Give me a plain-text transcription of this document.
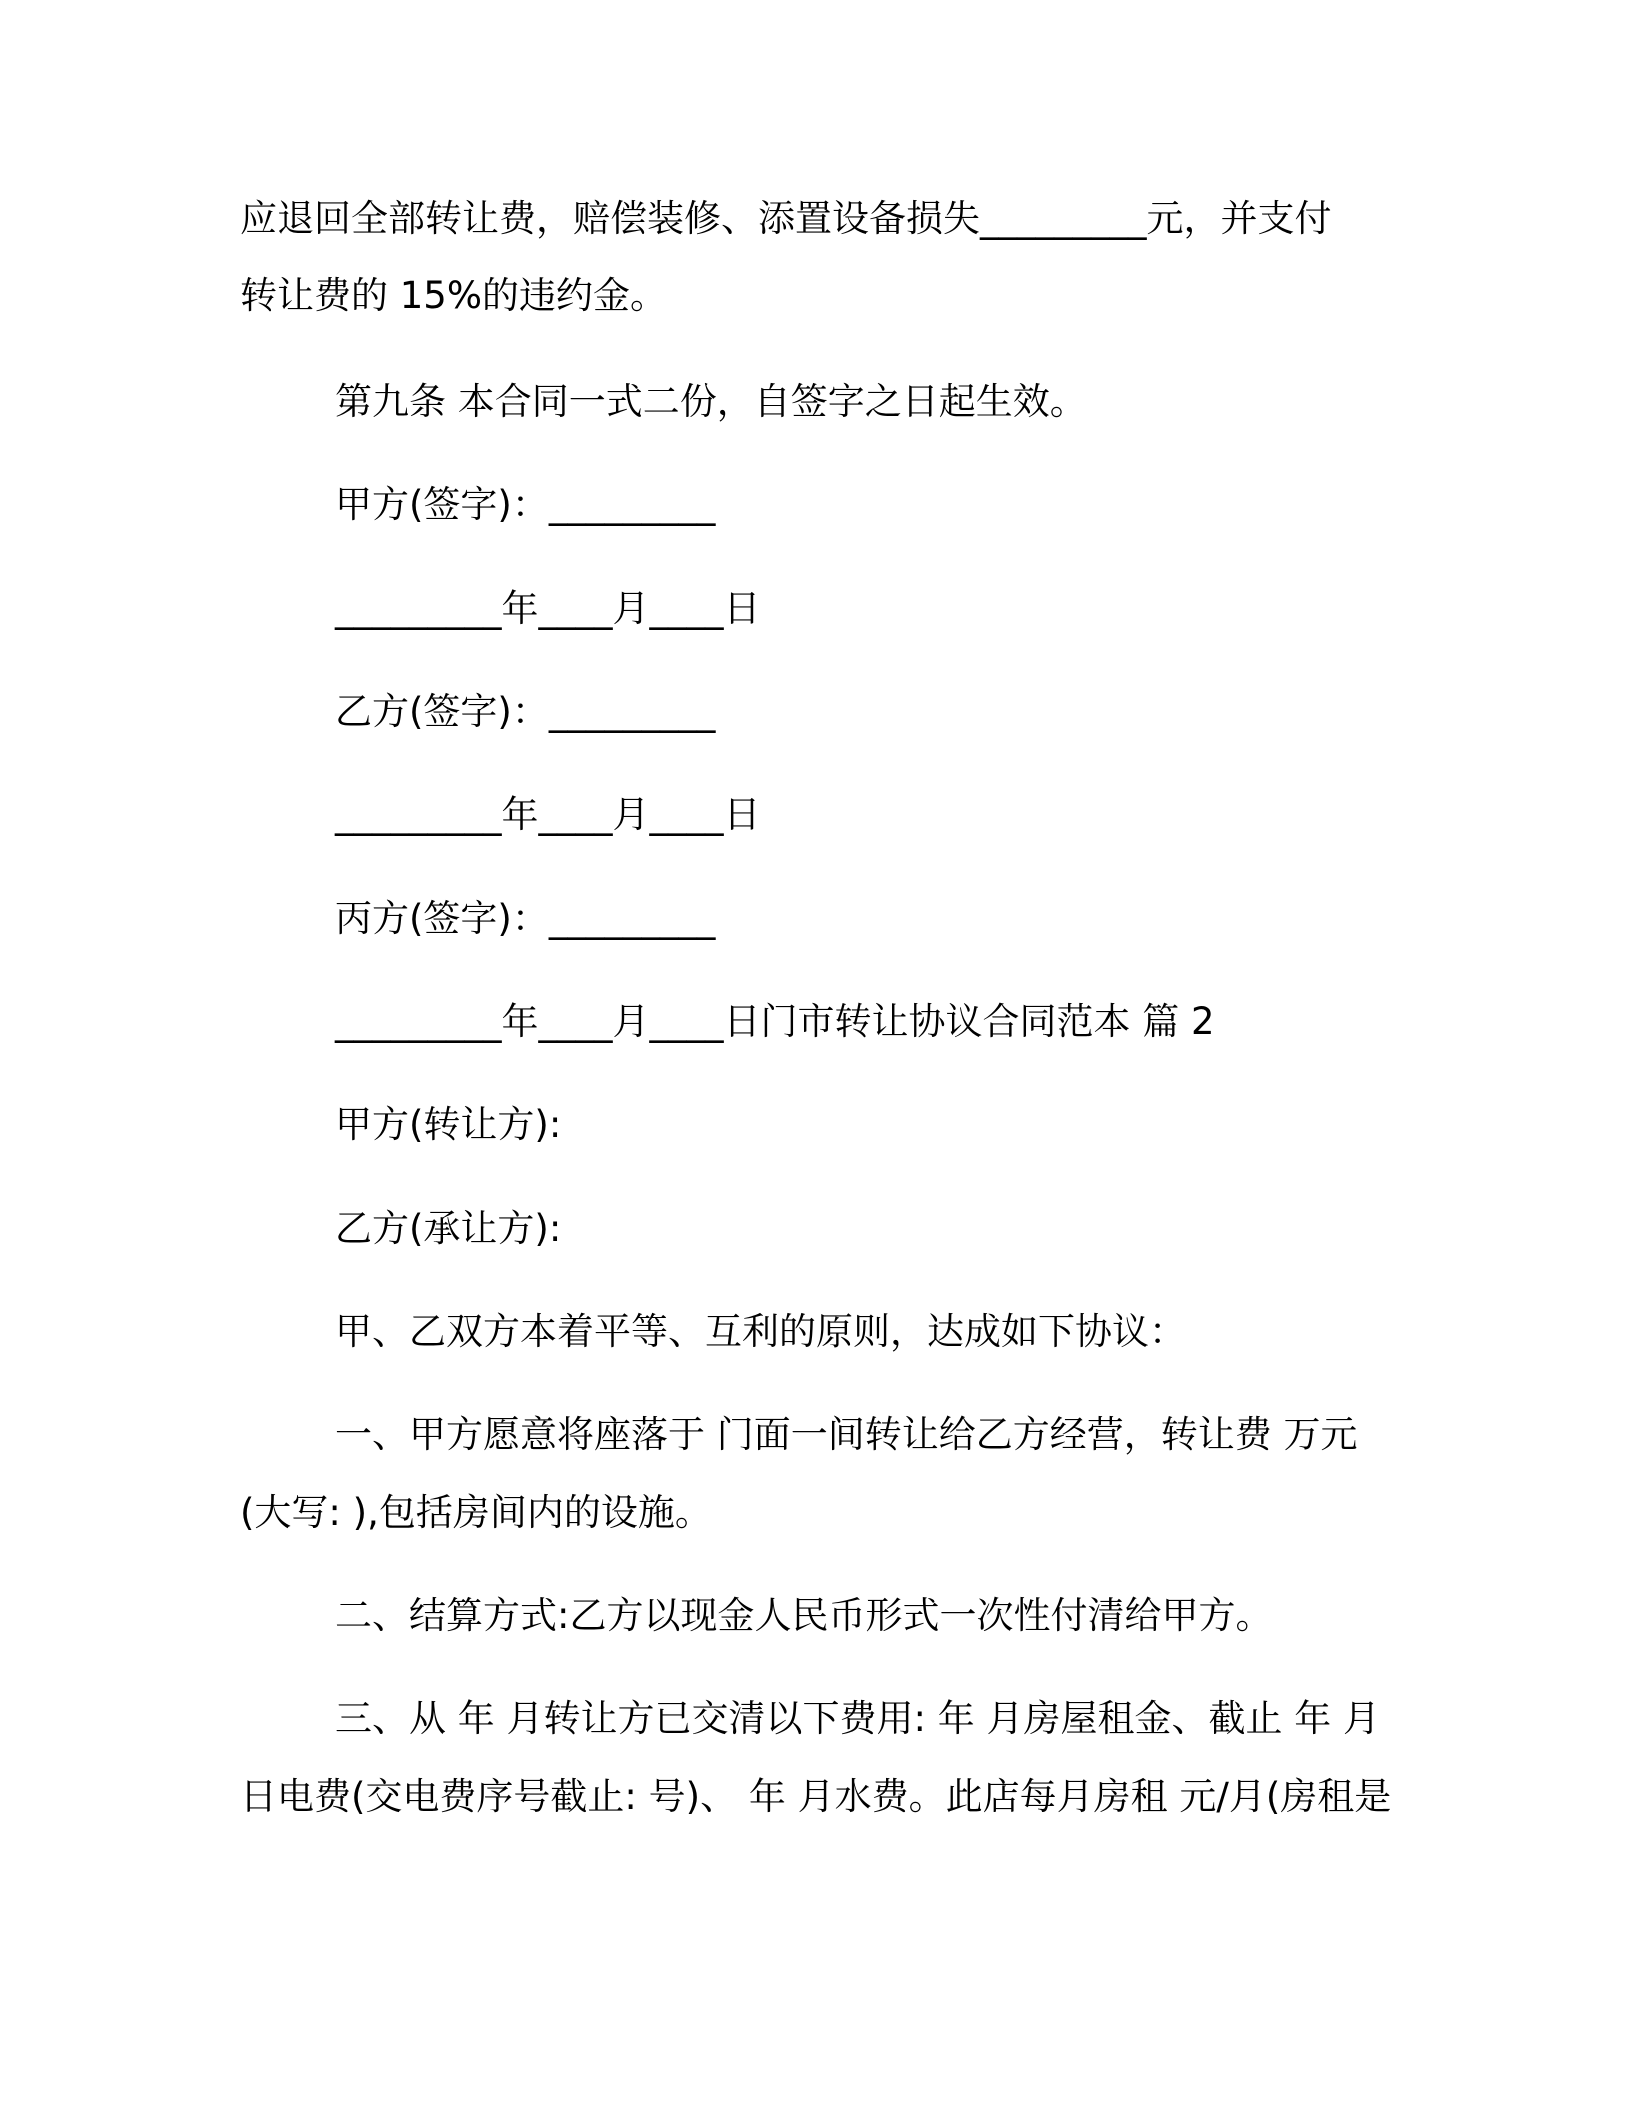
应退回全部转让费，赔偿装修、添置设备损失_________元，并支付
转让费的 15%的违约金。
第九条 本合同一式二份，自签字之日起生效。
甲方(签字)：_________
_________年____月____日
乙方(签字)：_________
_________年____月____日
丙方(签字)：_________
_________年____月____日门市转让协议合同范本 篇 2
甲方(转让方):
乙方(承让方):
甲、乙双方本着平等、互利的原则，达成如下协议：
一、甲方愿意将座落于 门面一间转让给乙方经营，转让费 万元
(大写: ),包括房间内的设施。
二、结算方式:乙方以现金人民币形式一次性付清给甲方。
三、从 年 月转让方已交清以下费用: 年 月房屋租金、截止 年 月
日电费(交电费序号截止: 号)、 年 月水费。此店每月房租 元/月(房租是
